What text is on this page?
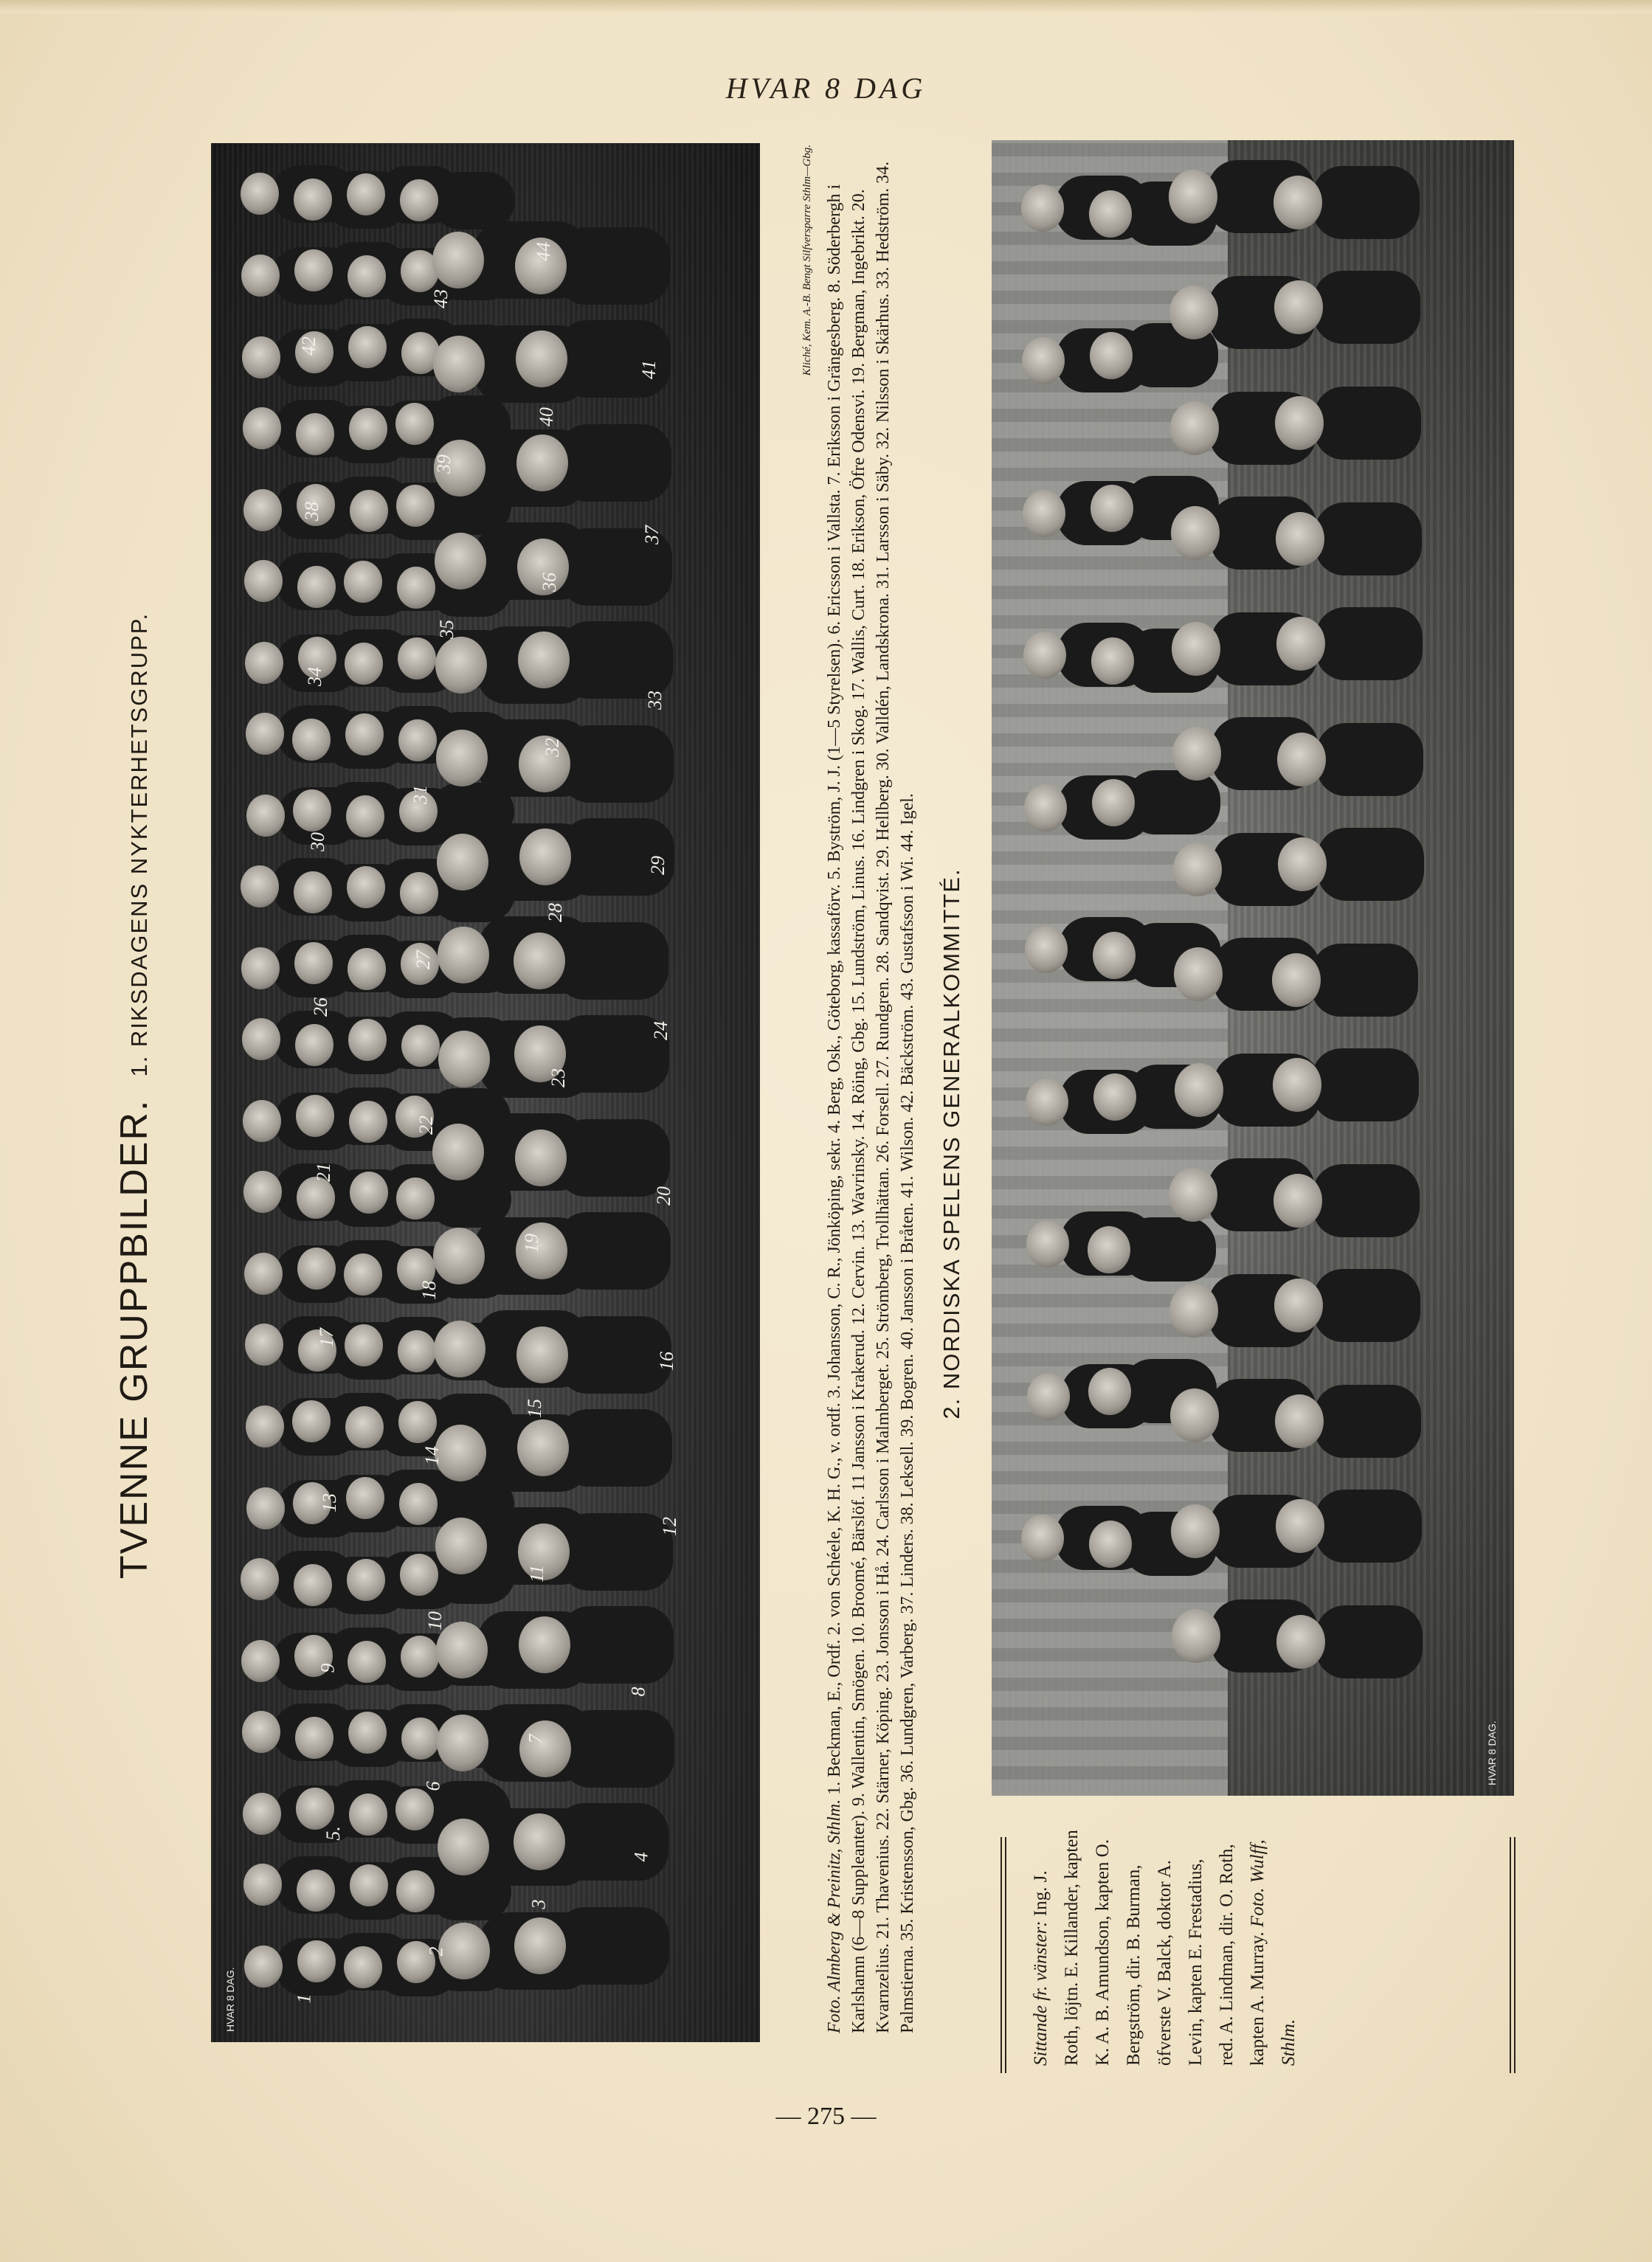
HVAR 8 DAG
TVENNE GRUPPBILDER. 1. RIKSDAGENS NYKTERHETSGRUPP.
HVAR 8 DAG.	1
2
3
4
5.
6
7
8
9
10
11
12
13
14
15
16
17
18
19
20
21
22
23
24
26
27
28
29
30
31
32
33
34
35
36
37
38
39
40
41
42
43
44	Kliché, Kem. A.-B. Bengt Silfversparre Sthlm—Gbg.
Foto. Almberg & Preinitz, Sthlm. 1. Beckman, E., Ordf. 2. von Schéele, K. H. G., v. ordf. 3. Johansson, C. R., Jönköping, sekr. 4. Berg, Osk., Göteborg, kassaförv. 5. Byström, J. J. (1—5 Styrelsen). 6. Ericsson i Vallsta. 7. Eriksson i Grängesberg. 8. Söderbergh i Karlshamn (6—8 Suppleanter). 9. Wallentin, Smögen. 10. Broomé, Bärslöf. 11 Jansson i Krakerud. 12. Cervin. 13. Wavrinsky. 14. Röing, Gbg. 15. Lundström, Linus. 16. Lindgren i Skog. 17. Wallis, Curt. 18. Erikson, Öfre Odensvi. 19. Bergman, Ingebrikt. 20. Kvarnzelius. 21. Thavenius. 22. Stärner, Köping. 23. Jonsson i Hå. 24. Carlsson i Malmberget. 25. Strömberg, Trollhättan. 26. Forsell. 27. Rundgren. 28. Sandqvist. 29. Hellberg. 30. Valldén, Landskrona. 31. Larsson i Säby. 32. Nilsson i Skärhus. 33. Hedström. 34. Palmstierna. 35. Kristensson, Gbg. 36. Lundgren, Varberg. 37. Linders. 38. Leksell. 39. Bogren. 40. Jansson i Bråten. 41. Wilson. 42. Bäckström. 43. Gustafsson i Wi. 44. Igel. 2. NORDISKA SPELENS GENERALKOMMITTÉ.
HVAR 8 DAG.
Sittande fr. vänster: Ing. J. Roth, löjtn. E. Killander, kapten K. A. B. Amundson, kapten O. Bergström, dir. B. Burman, öfverste V. Balck, doktor A. Levin, kapten E. Frestadius, red. A. Lindman, dir. O. Roth, kapten A. Murray. Foto. Wulff, Sthlm.
— 275 —
